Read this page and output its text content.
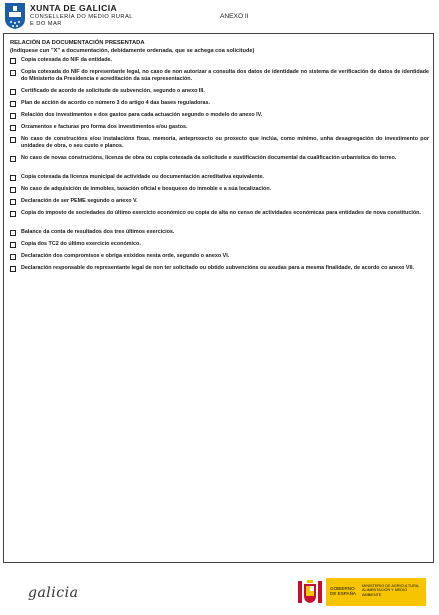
XUNTA DE GALICIA
CONSELLERÍA DO MEDIO RURAL
E DO MAR
ANEXO II
RELACIÓN DA DOCUMENTACIÓN PRESENTADA
(Indíquese cun "X" a documentación, debidamente ordenada, que se achega coa solicitude)
Copia cotexada do NIF da entidade.
Copia cotexada do NIF do representante legal, no caso de non autorizar a consulta dos datos de identidade no sistema de verificación de datos de identidade do Ministerio da Presidencia e acreditación da súa representación.
Certificado de acordo de solicitude de subvención, segundo o anexo III.
Plan de acción de acordo co número 3 do artigo 4 das bases reguladoras.
Relación dos investimentos e dos gastos para cada actuación segundo o modelo do anexo IV.
Orzamentos e facturas pro forma dos investimentos e/ou gastos.
No caso de construcións e/ou instalacións fixas, memoria, anteproxecto ou proxecto que inclúa, como mínimo, unha desagregación do investimento por unidades de obra, o seu custo e planos.
No caso de novas construcións, licenza de obra ou copia cotexada da solicitude e xustificación documental da cualificación urbanística do terreo.
Copia cotexada da licenza municipal de actividade ou documentación acreditativa equivalente.
No caso de adquisición de inmobles, taxación oficial e bosquexo do inmoble e a súa localización.
Declaración de ser PEME segundo o anexo V.
Copia do imposto de sociedades do último exercicio económico ou copia de alta no censo de actividades económicas para entidades de nova constitución.
Balance da conta de resultados dos tres últimos exercicios.
Copia dos TC2 do último exercicio económico.
Declaración dos compromisos e obriga exixidos nesta orde, segundo o anexo VI.
Declaración responsable do representante legal de non ter solicitado ou obtido subvencións ou axudas para a mesma finalidade, de acordo co anexo VII.
galicia	GOBIERNO DE ESPAÑA
MINISTERIO DE AGRICULTURA, ALIMENTACIÓN Y MEDIO AMBIENTE
